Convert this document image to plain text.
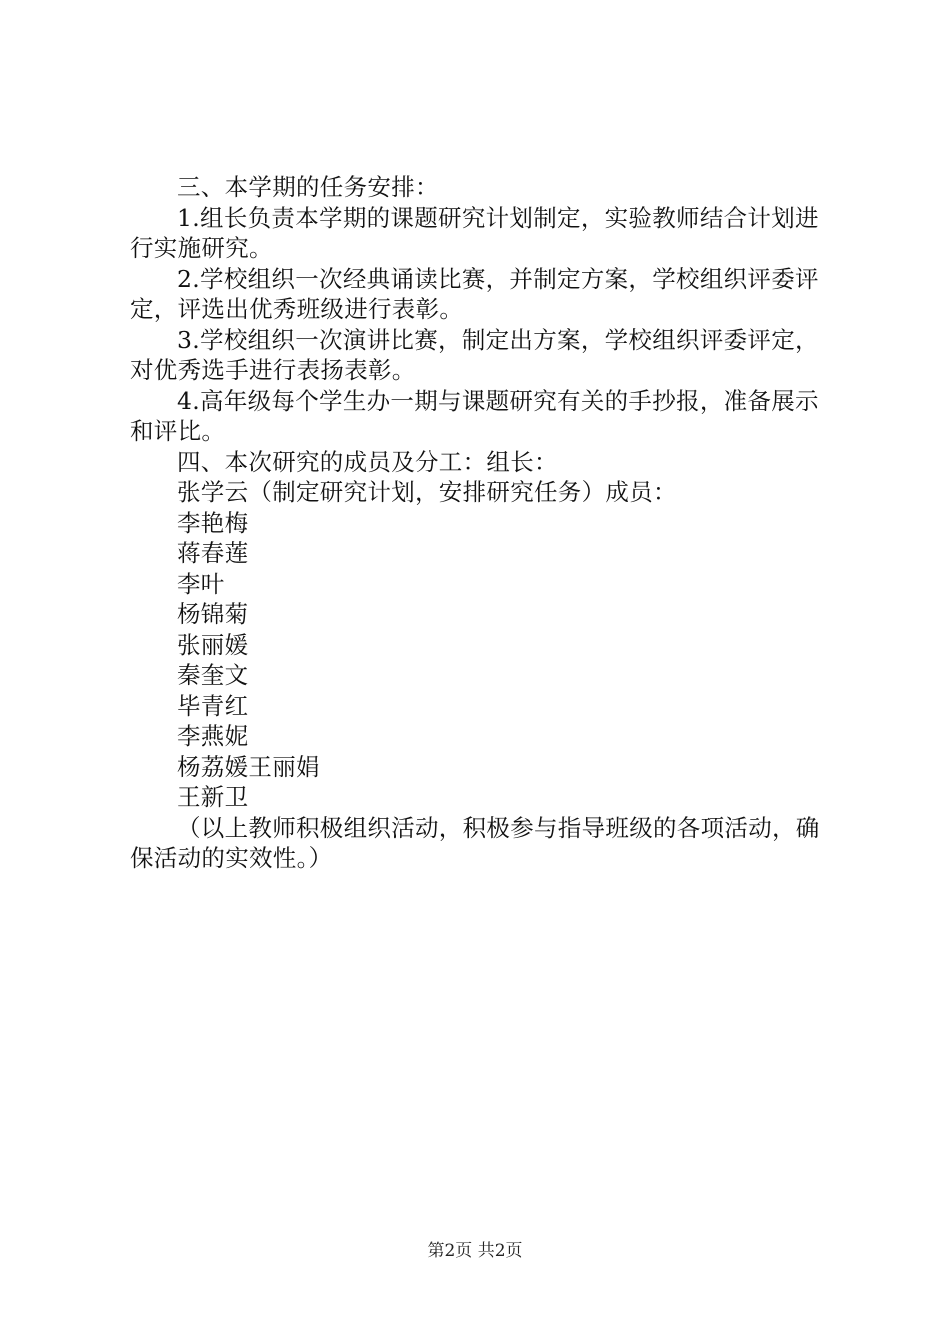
三、本学期的任务安排：

1.组长负责本学期的课题研究计划制定，实验教师结合计划进行实施研究。

2.学校组织一次经典诵读比赛，并制定方案，学校组织评委评定，评选出优秀班级进行表彰。

3.学校组织一次演讲比赛，制定出方案，学校组织评委评定，对优秀选手进行表扬表彰。

4.高年级每个学生办一期与课题研究有关的手抄报，准备展示和评比。

四、本次研究的成员及分工：组长：

张学云（制定研究计划，安排研究任务）成员：

李艳梅

蒋春莲

李叶

杨锦菊

张丽媛

秦奎文

毕青红

李燕妮

杨荔媛王丽娟

王新卫

（以上教师积极组织活动，积极参与指导班级的各项活动，确保活动的实效性。）

第2页 共2页
